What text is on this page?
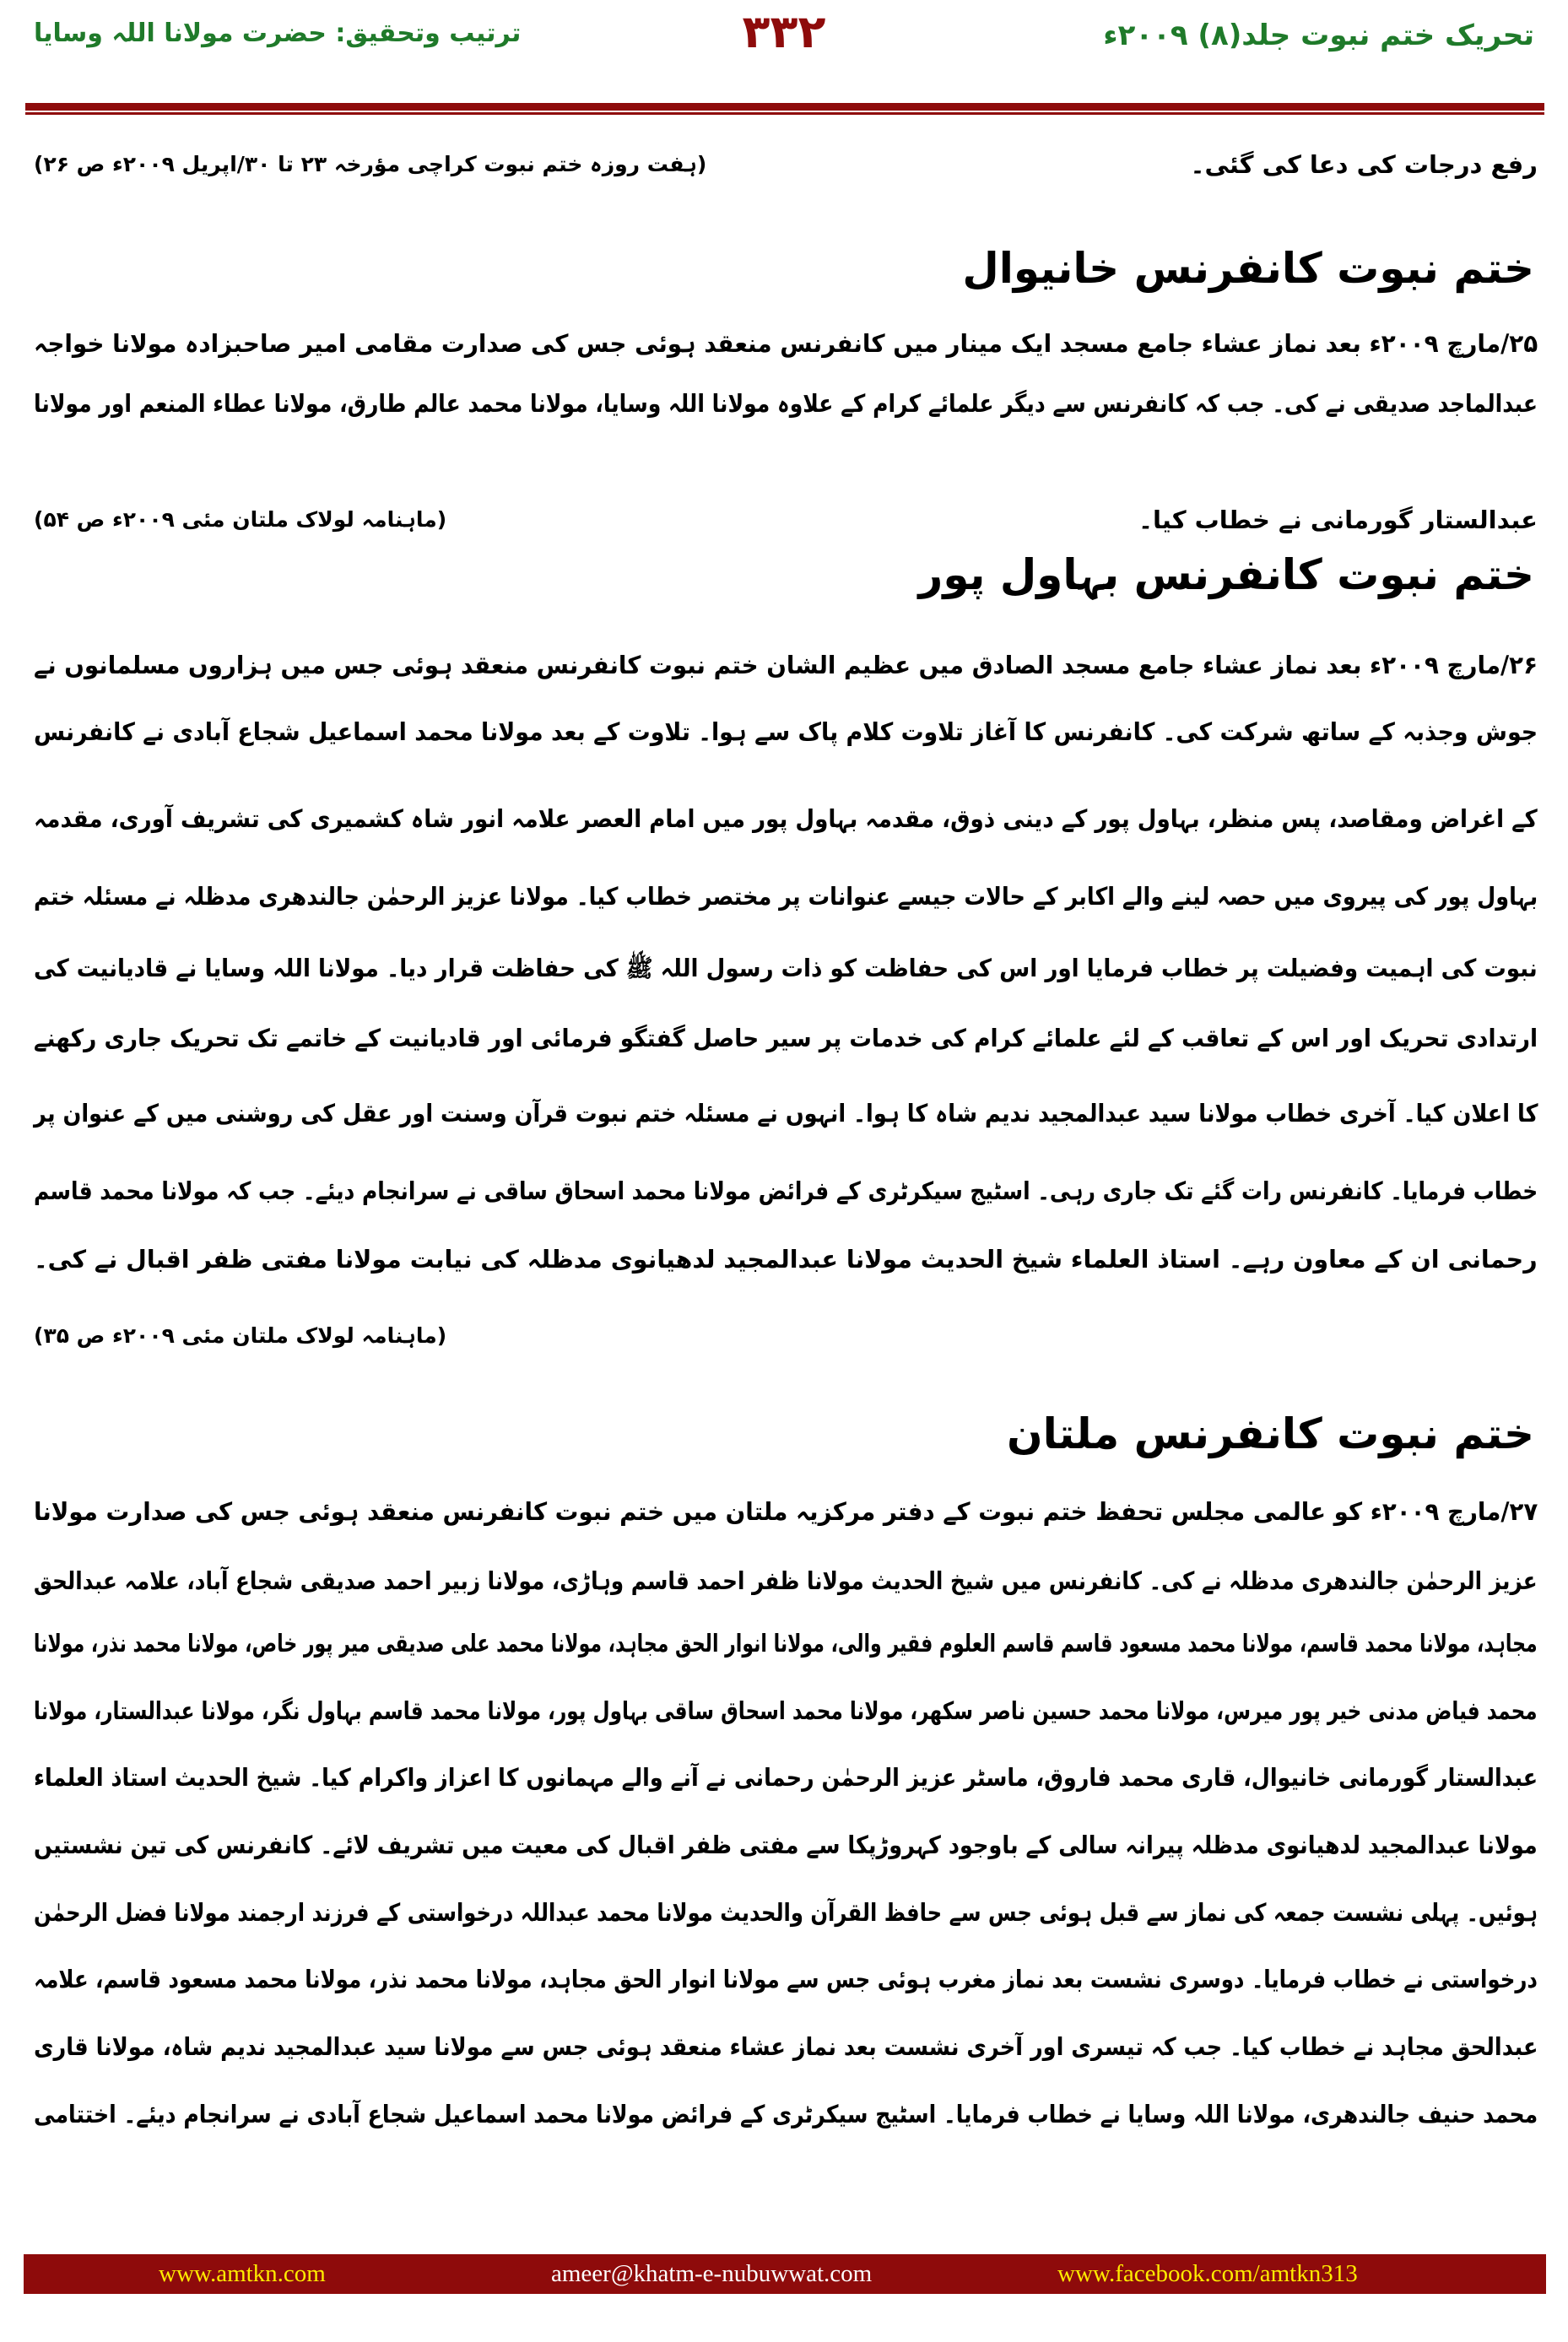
تحریک ختم نبوت جلد(۸) ۲۰۰۹ء
۳۳۲
ترتیب وتحقیق: حضرت مولانا اللہ وسایا
رفع درجات کی دعا کی گئی۔
(ہفت روزہ ختم نبوت کراچی مؤرخہ ۲۳ تا ۳۰/اپریل ۲۰۰۹ء ص ۲۶)
ختم نبوت کانفرنس خانیوال
۲۵/مارچ ۲۰۰۹ء بعد نماز عشاء جامع مسجد ایک مینار میں کانفرنس منعقد ہوئی جس کی صدارت مقامی امیر صاحبزادہ مولانا خواجہ
عبدالماجد صدیقی نے کی۔ جب کہ کانفرنس سے دیگر علمائے کرام کے علاوہ مولانا اللہ وسایا، مولانا محمد عالم طارق، مولانا عطاء المنعم اور مولانا
عبدالستار گورمانی نے خطاب کیا۔
(ماہنامہ لولاک ملتان مئی ۲۰۰۹ء ص ۵۴)
ختم نبوت کانفرنس بہاول پور
۲۶/مارچ ۲۰۰۹ء بعد نماز عشاء جامع مسجد الصادق میں عظیم الشان ختم نبوت کانفرنس منعقد ہوئی جس میں ہزاروں مسلمانوں نے
جوش وجذبہ کے ساتھ شرکت کی۔ کانفرنس کا آغاز تلاوت کلام پاک سے ہوا۔ تلاوت کے بعد مولانا محمد اسماعیل شجاع آبادی نے کانفرنس
کے اغراض ومقاصد، پس منظر، بہاول پور کے دینی ذوق، مقدمہ بہاول پور میں امام العصر علامہ انور شاہ کشمیری کی تشریف آوری، مقدمہ
بہاول پور کی پیروی میں حصہ لینے والے اکابر کے حالات جیسے عنوانات پر مختصر خطاب کیا۔ مولانا عزیز الرحمٰن جالندھری مدظلہ نے مسئلہ ختم
نبوت کی اہمیت وفضیلت پر خطاب فرمایا اور اس کی حفاظت کو ذات رسول اللہ ﷺ کی حفاظت قرار دیا۔ مولانا اللہ وسایا نے قادیانیت کی
ارتدادی تحریک اور اس کے تعاقب کے لئے علمائے کرام کی خدمات پر سیر حاصل گفتگو فرمائی اور قادیانیت کے خاتمے تک تحریک جاری رکھنے
کا اعلان کیا۔ آخری خطاب مولانا سید عبدالمجید ندیم شاہ کا ہوا۔ انہوں نے مسئلہ ختم نبوت قرآن وسنت اور عقل کی روشنی میں کے عنوان پر
خطاب فرمایا۔ کانفرنس رات گئے تک جاری رہی۔ اسٹیج سیکرٹری کے فرائض مولانا محمد اسحاق ساقی نے سرانجام دیئے۔ جب کہ مولانا محمد قاسم
رحمانی ان کے معاون رہے۔ استاذ العلماء شیخ الحدیث مولانا عبدالمجید لدھیانوی مدظلہ کی نیابت مولانا مفتی ظفر اقبال نے کی۔
(ماہنامہ لولاک ملتان مئی ۲۰۰۹ء ص ۳۵)
ختم نبوت کانفرنس ملتان
۲۷/مارچ ۲۰۰۹ء کو عالمی مجلس تحفظ ختم نبوت کے دفتر مرکزیہ ملتان میں ختم نبوت کانفرنس منعقد ہوئی جس کی صدارت مولانا
عزیز الرحمٰن جالندھری مدظلہ نے کی۔ کانفرنس میں شیخ الحدیث مولانا ظفر احمد قاسم وہاڑی، مولانا زبیر احمد صدیقی شجاع آباد، علامہ عبدالحق
مجاہد، مولانا محمد قاسم، مولانا محمد مسعود قاسم قاسم العلوم فقیر والی، مولانا انوار الحق مجاہد، مولانا محمد علی صدیقی میر پور خاص، مولانا محمد نذر، مولانا
محمد فیاض مدنی خیر پور میرس، مولانا محمد حسین ناصر سکھر، مولانا محمد اسحاق ساقی بہاول پور، مولانا محمد قاسم بہاول نگر، مولانا عبدالستار، مولانا
عبدالستار گورمانی خانیوال، قاری محمد فاروق، ماسٹر عزیز الرحمٰن رحمانی نے آنے والے مہمانوں کا اعزاز واکرام کیا۔ شیخ الحدیث استاذ العلماء
مولانا عبدالمجید لدھیانوی مدظلہ پیرانہ سالی کے باوجود کہروڑپکا سے مفتی ظفر اقبال کی معیت میں تشریف لائے۔ کانفرنس کی تین نشستیں
ہوئیں۔ پہلی نشست جمعہ کی نماز سے قبل ہوئی جس سے حافظ القرآن والحدیث مولانا محمد عبداللہ درخواستی کے فرزند ارجمند مولانا فضل الرحمٰن
درخواستی نے خطاب فرمایا۔ دوسری نشست بعد نماز مغرب ہوئی جس سے مولانا انوار الحق مجاہد، مولانا محمد نذر، مولانا محمد مسعود قاسم، علامہ
عبدالحق مجاہد نے خطاب کیا۔ جب کہ تیسری اور آخری نشست بعد نماز عشاء منعقد ہوئی جس سے مولانا سید عبدالمجید ندیم شاہ، مولانا قاری
محمد حنیف جالندھری، مولانا اللہ وسایا نے خطاب فرمایا۔ اسٹیج سیکرٹری کے فرائض مولانا محمد اسماعیل شجاع آبادی نے سرانجام دیئے۔ اختتامی
www.amtkn.com	ameer@khatm-e-nubuwwat.com	www.facebook.com/amtkn313
